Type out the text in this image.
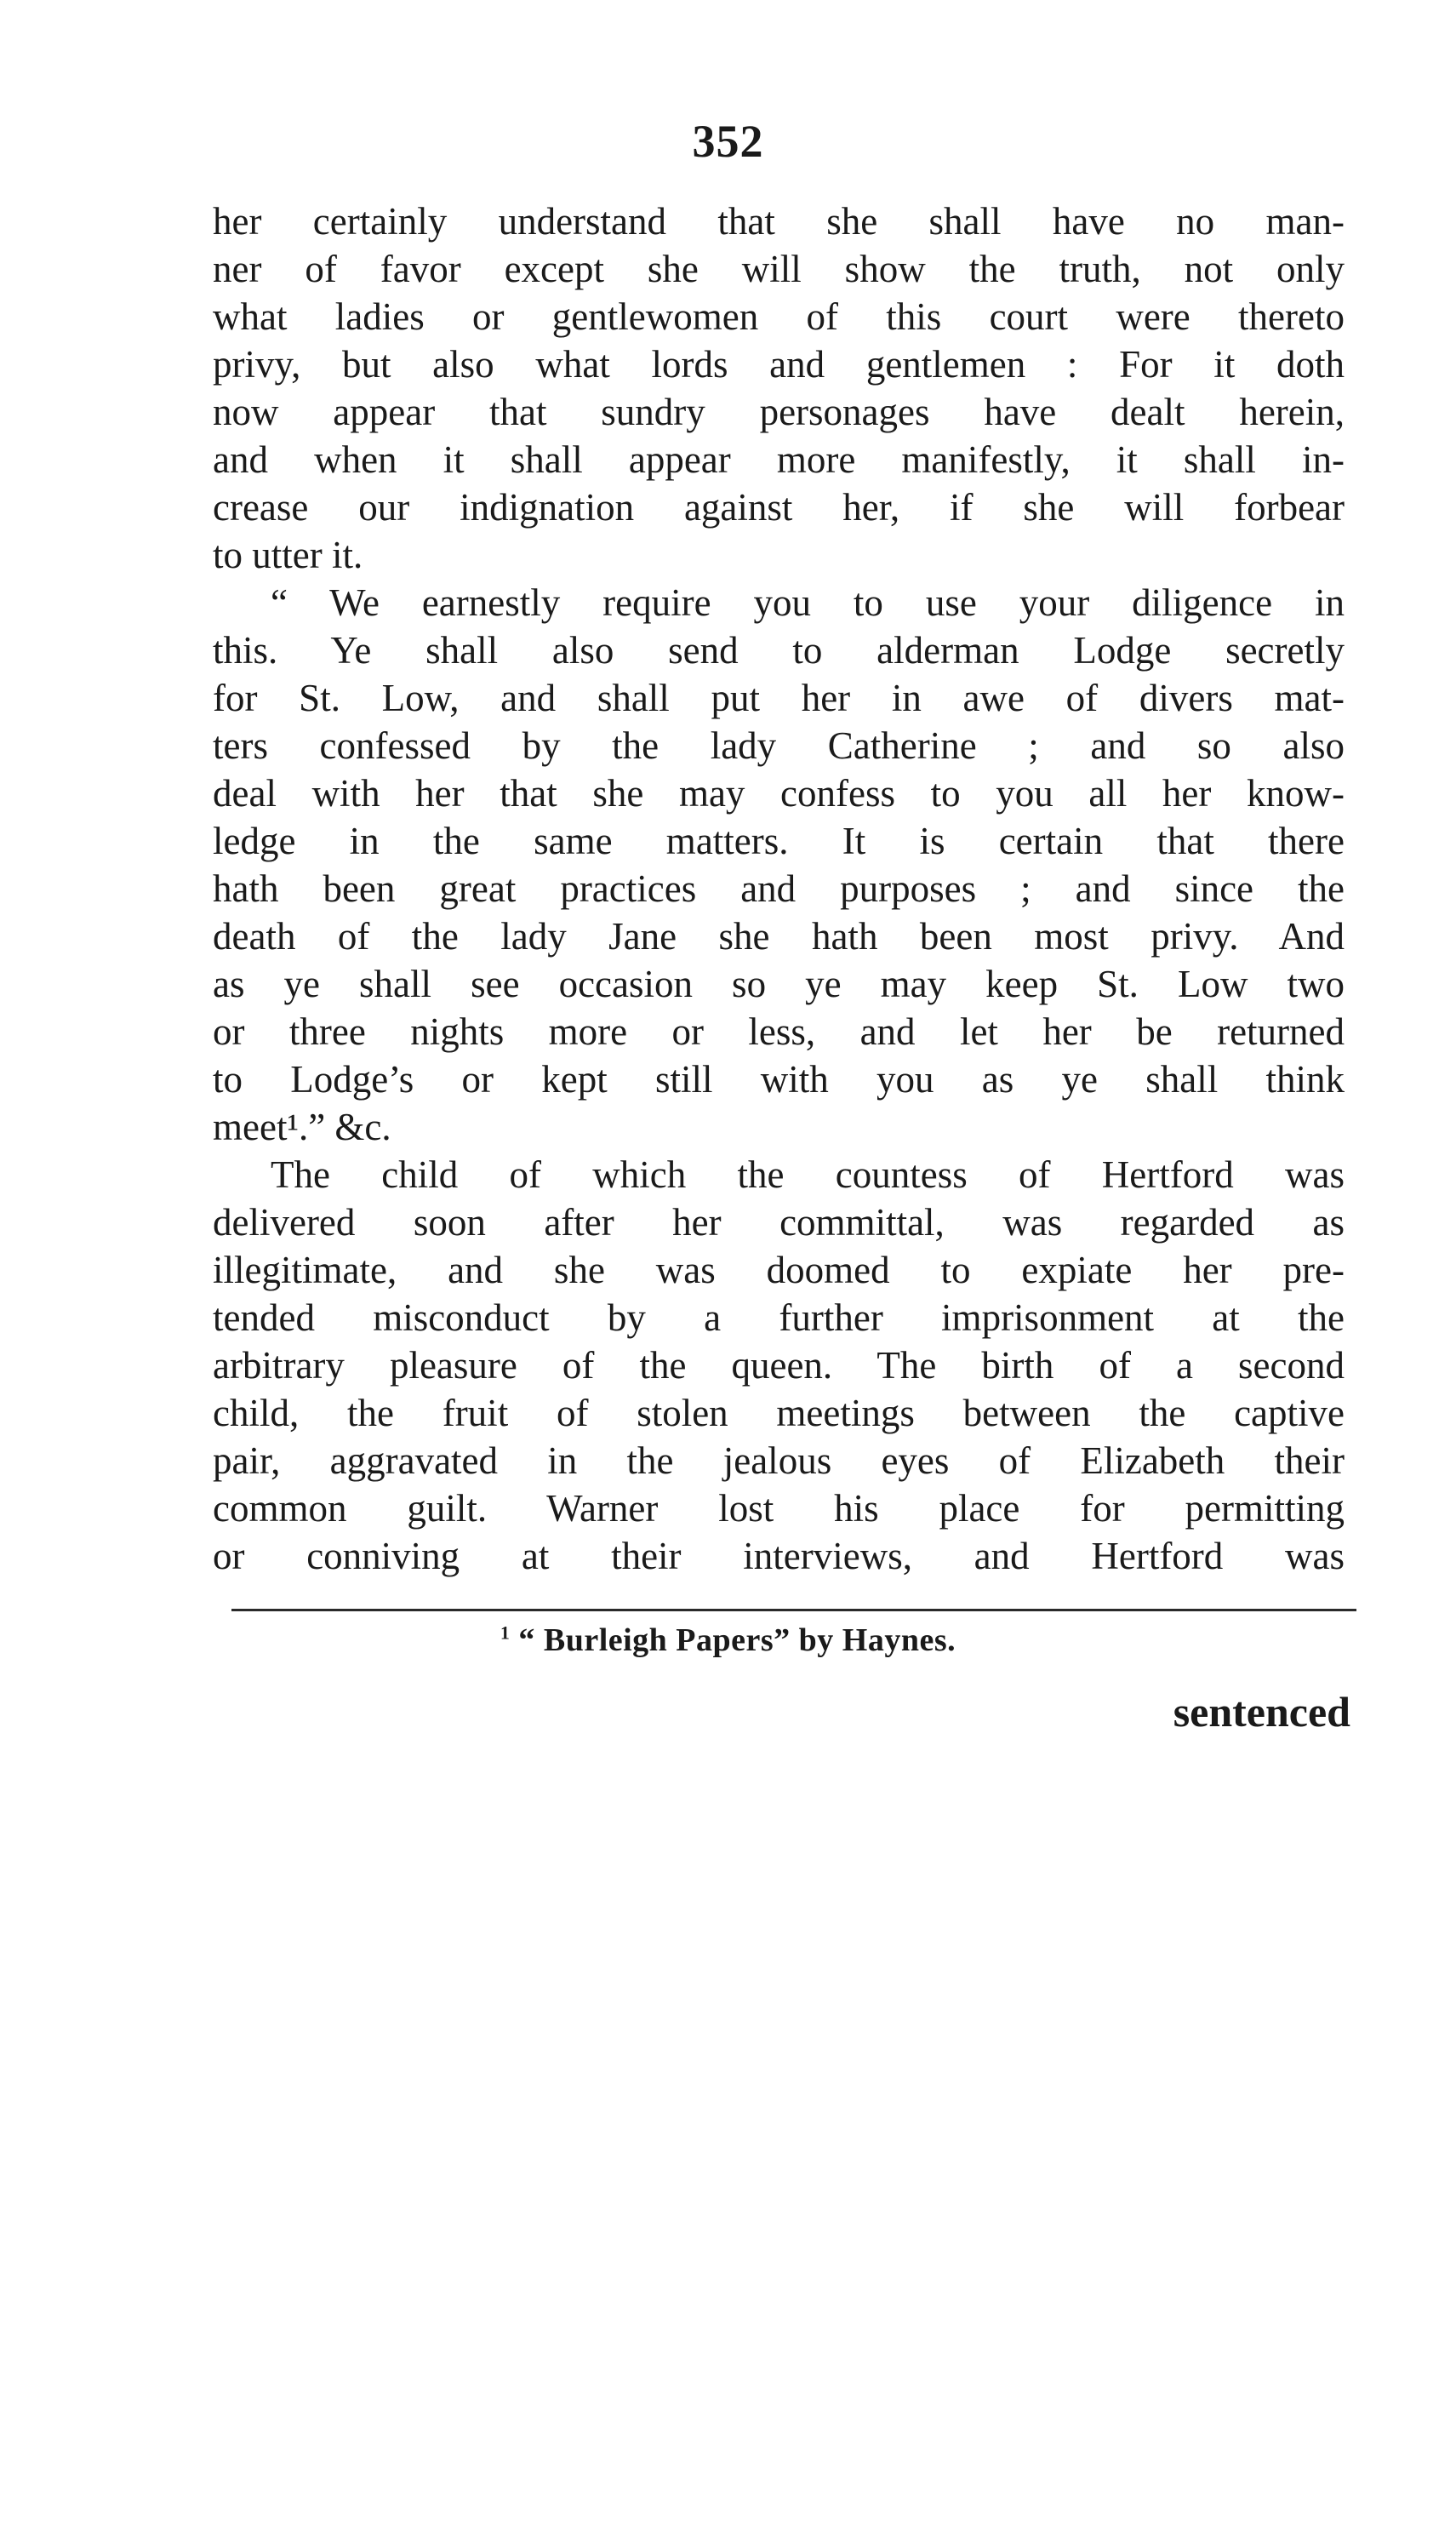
352
her certainly understand that she shall have no man-
ner of favor except she will show the truth, not only
what ladies or gentlewomen of this court were thereto
privy, but also what lords and gentlemen : For it doth
now appear that sundry personages have dealt herein,
and when it shall appear more manifestly, it shall in-
crease our indignation against her, if she will forbear
to utter it.
“ We earnestly require you to use your diligence in
this. Ye shall also send to alderman Lodge secretly
for St. Low, and shall put her in awe of divers mat-
ters confessed by the lady Catherine ; and so also
deal with her that she may confess to you all her know-
ledge in the same matters. It is certain that there
hath been great practices and purposes ; and since the
death of the lady Jane she hath been most privy. And
as ye shall see occasion so ye may keep St. Low two
or three nights more or less, and let her be returned
to Lodge’s or kept still with you as ye shall think
meet¹.” &c.
The child of which the countess of Hertford was
delivered soon after her committal, was regarded as
illegitimate, and she was doomed to expiate her pre-
tended misconduct by a further imprisonment at the
arbitrary pleasure of the queen. The birth of a second
child, the fruit of stolen meetings between the captive
pair, aggravated in the jealous eyes of Elizabeth their
common guilt. Warner lost his place for permitting
or conniving at their interviews, and Hertford was
$^1$ “ Burleigh Papers” by Haynes.
sentenced
